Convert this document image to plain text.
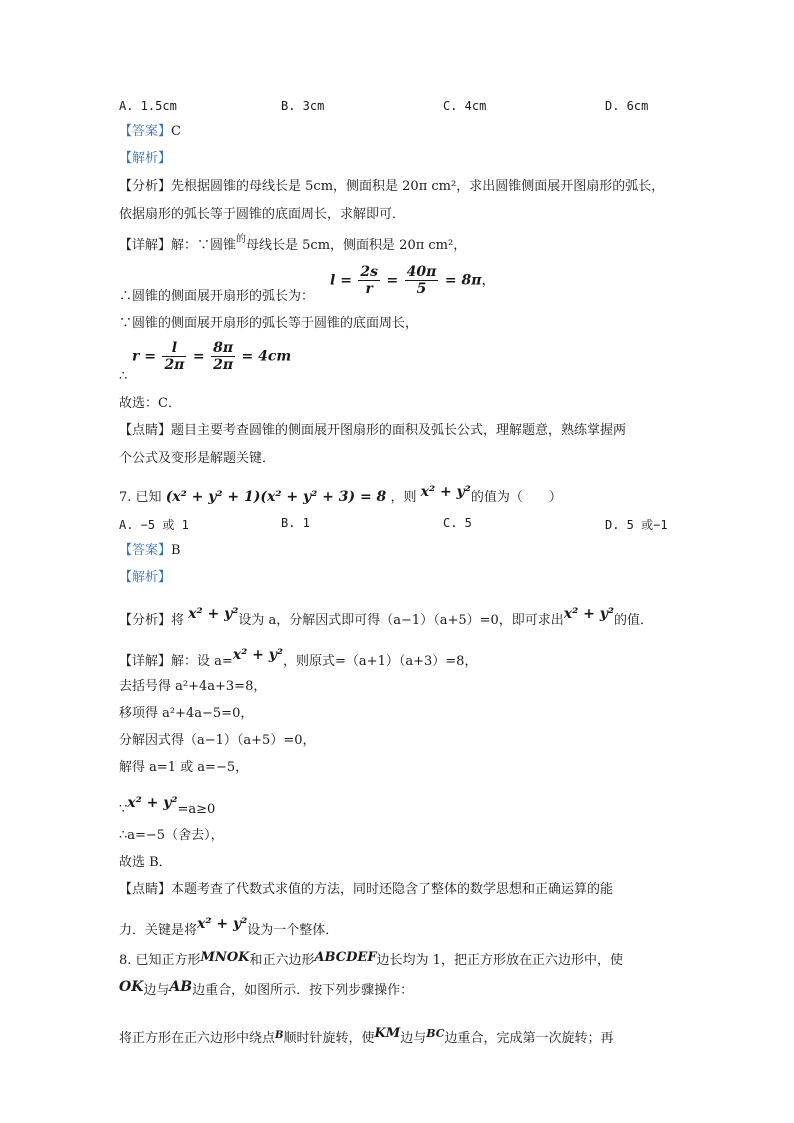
A. 1.5cm	B. 3cm	C. 4cm	D. 6cm
【答案】C
【解析】
【分析】先根据圆锥的母线长是 5cm，侧面积是 20π cm²，求出圆锥侧面展开图扇形的弧长，
依据扇形的弧长等于圆锥的底面周长，求解即可．
【详解】解：∵圆锥$^的$母线长是 5cm，侧面积是 20π cm²，
∴圆锥的侧面展开扇形的弧长为：
$l = \frac{2s}{r} = \frac{40\pi}{5} = 8\pi$，
∵圆锥的侧面展开扇形的弧长等于圆锥的底面周长，
∴
$r = \frac{l}{2\pi} = \frac{8\pi}{2\pi} = 4cm$
故选：C．
【点睛】题目主要考查圆锥的侧面展开图扇形的面积及弧长公式，理解题意，熟练掌握两
个公式及变形是解题关键．
7. 已知 (x² + y² + 1)(x² + y² + 3) = 8 ，则 x² + y²的值为（　　）
A. −5 或 1	B. 1	C. 5	D. 5 或−1
【答案】B
【解析】
【分析】将 x² + y²设为 a，分解因式即可得（a−1）（a+5）=0，即可求出x² + y²的值．
【详解】解：设 a=x² + y²，则原式=（a+1）（a+3）=8，
去括号得 a²+4a+3=8，
移项得 a²+4a−5=0，
分解因式得（a−1）（a+5）=0，
解得 a=1 或 a=−5，
∵x² + y²=a≥0
∴a=−5（舍去），
故选 B．
【点睛】本题考查了代数式求值的方法，同时还隐含了整体的数学思想和正确运算的能
力．关键是将x² + y²设为一个整体．
8. 已知正方形MNOK和正六边形ABCDEF边长均为 1，把正方形放在正六边形中，使
OK边与AB边重合，如图所示．按下列步骤操作：
将正方形在正六边形中绕点$^B$顺时针旋转，使KM边与$^{BC}$边重合，完成第一次旋转；再
